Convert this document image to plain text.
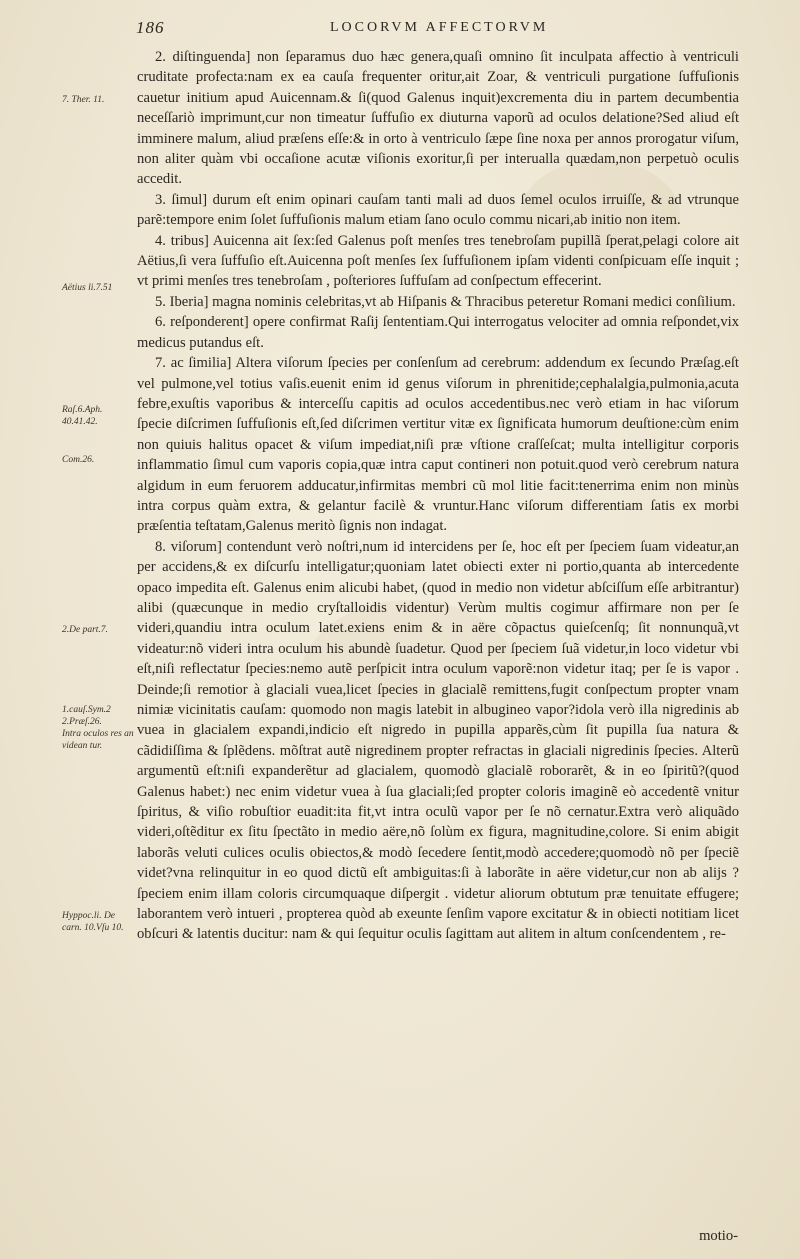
186	LOCORVM AFFECTORVM
7. Ther. 11.
Aëtius li.7.51
Raſ.6.Aph. 40.41.42.
Com.26.
2.De part.7.
1.cauſ.Sym.2
2.Præſ.26.
Intra oculos res an videan tur.
Hyppoc.li. De carn. 10.Vſu 10.

2. diſtinguenda] non ſeparamus duo hæc genera,quaſi omnino ſit inculpata affectio à ventriculi cruditate profecta:nam ex ea cauſa frequenter oritur,ait Zoar, & ventriculi purgatione ſuffuſionis cauetur initium apud Auicennam.& ſi(quod Galenus inquit)excrementa diu in partem decumbentia neceſſariò imprimunt,cur non timeatur ſuffuſio ex diuturna vaporũ ad oculos delatione?Sed aliud eſt imminere malum, aliud præſens eſſe:& in orto à ventriculo ſæpe ſine noxa per annos prorogatur viſum, non aliter quàm vbi occaſione acutæ viſionis exoritur,ſi per interualla quædam,non perpetuò oculis accedit.

3. ſimul] durum eſt enim opinari cauſam tanti mali ad duos ſemel oculos irruiſſe, & ad vtrunque parẽ:tempore enim ſolet ſuffuſionis malum etiam ſano oculo commu nicari,ab initio non item.

4. tribus] Auicenna ait ſex:ſed Galenus poſt menſes tres tenebroſam pupillã ſperat,pelagi colore ait Aëtius,ſi vera ſuffuſio eſt.Auicenna poſt menſes ſex ſuffuſionem ipſam videnti conſpicuam eſſe inquit ; vt primi menſes tres tenebroſam , poſteriores ſuffuſam ad conſpectum effecerint.

5. Iberia] magna nominis celebritas,vt ab Hiſpanis & Thracibus peteretur Romani medici conſilium.

6. reſponderent] opere confirmat Raſij ſententiam.Qui interrogatus velociter ad omnia reſpondet,vix medicus putandus eſt.

7. ac ſimilia] Altera viſorum ſpecies per conſenſum ad cerebrum: addendum ex ſecundo Præſag.eſt vel pulmone,vel totius vaſis.euenit enim id genus viſorum in phrenitide;cephalalgia,pulmonia,acuta febre,exuſtis vaporibus & interceſſu capitis ad oculos accedentibus.nec verò etiam in hac viſorum ſpecie diſcrimen ſuffuſionis eſt,ſed diſcrimen vertitur vitæ ex ſignificata humorum deuſtione:cùm enim non quiuis halitus opacet & viſum impediat,niſi præ vſtione craſſeſcat; multa intelligitur corporis inflammatio ſimul cum vaporis copia,quæ intra caput contineri non potuit.quod verò cerebrum natura algidum in eum feruorem adducatur,infirmitas membri cũ mol litie facit:tenerrima enim non minùs intra corpus quàm extra, & gelantur facilè & vruntur.Hanc viſorum differentiam ſatis ex morbi præſentia teſtatam,Galenus meritò ſignis non indagat.

8. viſorum] contendunt verò noſtri,num id intercidens per ſe, hoc eſt per ſpeciem ſuam videatur,an per accidens,& ex diſcurſu intelligatur;quoniam latet obiecti exter ni portio,quanta ab intercedente opaco impedita eſt. Galenus enim alicubi habet, (quod in medio non videtur abſciſſum eſſe arbitrantur) alibi (quæcunque in medio cryſtalloidis videntur) Verùm multis cogimur affirmare non per ſe videri,quandiu intra oculum latet.exiens enim & in aëre cõpactus quieſcenſq; ſit nonnunquã,vt videatur:nõ videri intra oculum his abundè ſuadetur. Quod per ſpeciem ſuã videtur,in loco videtur vbi eſt,niſi reflectatur ſpecies:nemo autẽ perſpicit intra oculum vaporẽ:non videtur itaq; per ſe is vapor . Deinde;ſi remotior à glaciali vuea,licet ſpecies in glacialẽ remittens,fugit conſpectum propter vnam nimiæ vicinitatis cauſam: quomodo non magis latebit in albugineo vapor?idola verò illa nigredinis ab vuea in glacialem expandi,indicio eſt nigredo in pupilla apparẽs,cùm ſit pupilla ſua natura & cãdidiſſima & ſplẽdens. mõſtrat autẽ nigredinem propter refractas in glaciali nigredinis ſpecies. Alterũ argumentũ eſt:niſi expanderẽtur ad glacialem, quomodò glacialẽ roborarẽt, & in eo ſpiritũ?(quod Galenus habet:) nec enim videtur vuea à ſua glaciali;ſed propter coloris imaginẽ eò accedentẽ vnitur ſpiritus, & viſio robuſtior euadit:ita fit,vt intra oculũ vapor per ſe nõ cernatur.Extra verò aliquãdo videri,oſtẽditur ex ſitu ſpectãto in medio aëre,nõ ſolùm ex figura, magnitudine,colore. Si enim abigit laborãs veluti culices oculis obiectos,& modò ſecedere ſentit,modò accedere;quomodò nõ per ſpeciẽ videt?vna relinquitur in eo quod dictũ eſt ambiguitas:ſi à laborãte in aëre videtur,cur non ab alijs ? ſpeciem enim illam coloris circumquaque diſpergit . videtur aliorum obtutum præ tenuitate effugere; laborantem verò intueri , propterea quòd ab exeunte ſenſim vapore excitatur & in obiecti notitiam licet obſcuri & latentis ducitur: nam & qui ſequitur oculis ſagittam aut alitem in altum conſcendentem , re-

motio-
